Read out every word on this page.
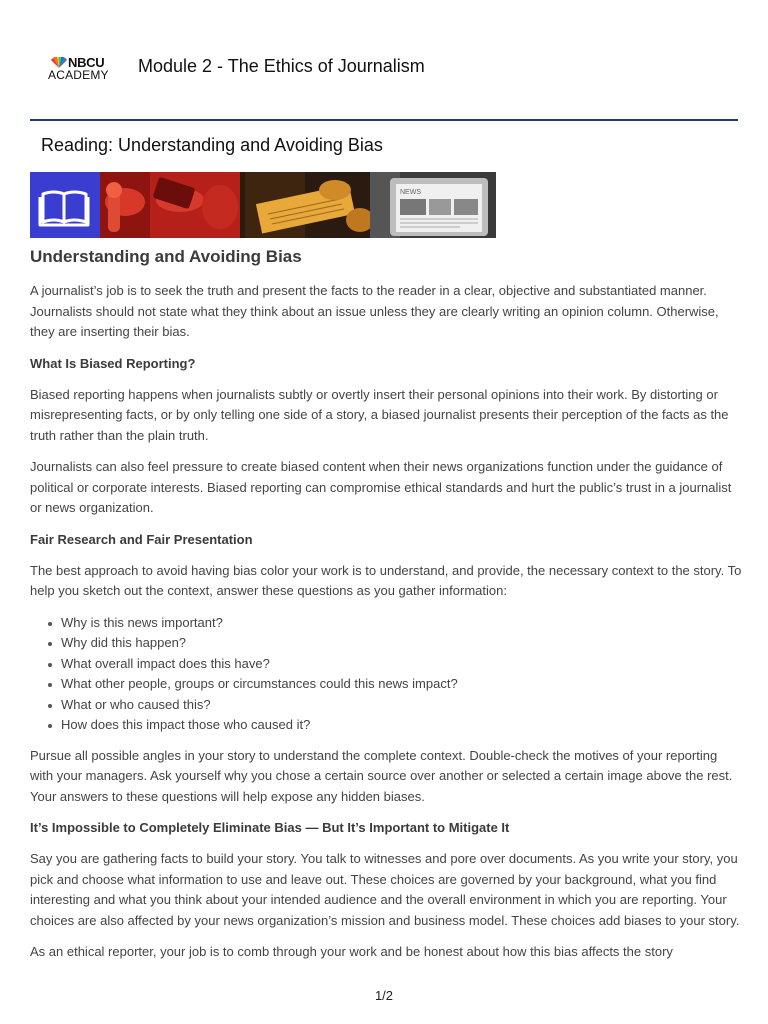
NBCU
ACADEMY Module 2 - The Ethics of Journalism
Reading: Understanding and Avoiding Bias
NEWS
Understanding and Avoiding Bias

A journalist’s job is to seek the truth and present the facts to the reader in a clear, objective and substantiated manner. Journalists should not state what they think about an issue unless they are clearly writing an opinion column. Otherwise, they are inserting their bias.

What Is Biased Reporting?

Biased reporting happens when journalists subtly or overtly insert their personal opinions into their work. By distorting or misrepresenting facts, or by only telling one side of a story, a biased journalist presents their perception of the facts as the truth rather than the plain truth.

Journalists can also feel pressure to create biased content when their news organizations function under the guidance of political or corporate interests. Biased reporting can compromise ethical standards and hurt the public’s trust in a journalist or news organization.

Fair Research and Fair Presentation

The best approach to avoid having bias color your work is to understand, and provide, the necessary context to the story. To help you sketch out the context, answer these questions as you gather information:

Why is this news important?
Why did this happen?
What overall impact does this have?
What other people, groups or circumstances could this news impact?
What or who caused this?
How does this impact those who caused it?

Pursue all possible angles in your story to understand the complete context. Double-check the motives of your reporting with your managers. Ask yourself why you chose a certain source over another or selected a certain image above the rest. Your answers to these questions will help expose any hidden biases.

It’s Impossible to Completely Eliminate Bias — But It’s Important to Mitigate It

Say you are gathering facts to build your story. You talk to witnesses and pore over documents. As you write your story, you pick and choose what information to use and leave out. These choices are governed by your background, what you find interesting and what you think about your intended audience and the overall environment in which you are reporting. Your choices are also affected by your news organization’s mission and business model. These choices add biases to your story.

As an ethical reporter, your job is to comb through your work and be honest about how this bias affects the story

1/2
